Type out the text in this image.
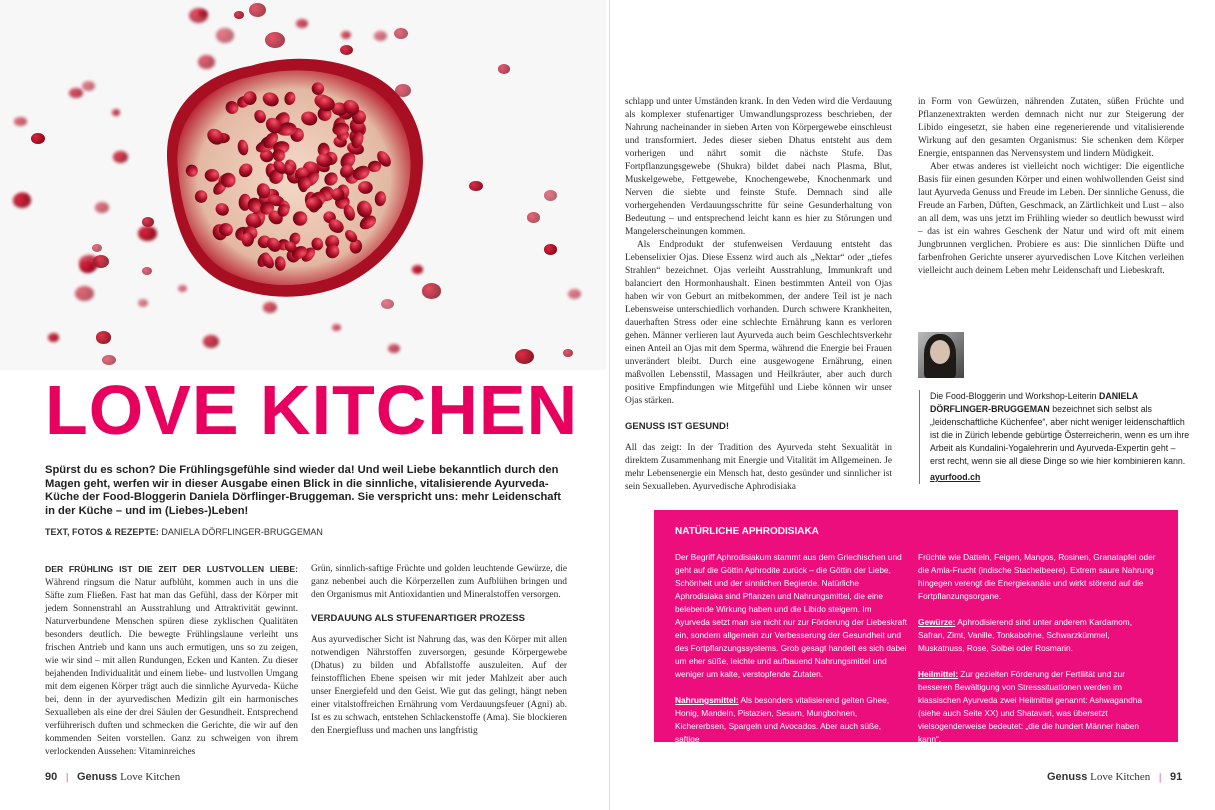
LOVE KITCHEN
Spürst du es schon? Die Frühlingsgefühle sind wieder da! Und weil Liebe bekanntlich durch den Magen geht, werfen wir in dieser Ausgabe einen Blick in die sinnliche, vitalisierende Ayurveda- Küche der Food-Bloggerin Daniela Dörflinger-Bruggeman. Sie verspricht uns: mehr Leidenschaft in der Küche – und im (Liebes-)Leben!
TEXT, FOTOS & REZEPTE: DANIELA DÖRFLINGER-BRUGGEMAN

DER FRÜHLING IST DIE ZEIT DER LUSTVOLLEN LIEBE: Während ringsum die Natur aufblüht, kommen auch in uns die Säfte zum Fließen. Fast hat man das Gefühl, dass der Körper mit jedem Sonnenstrahl an Ausstrahlung und Attraktivität gewinnt. Naturverbundene Menschen spüren diese zyklischen Qualitäten besonders deutlich. Die bewegte Frühlingslaune verleiht uns frischen Antrieb und kann uns auch ermutigen, uns so zu zeigen, wie wir sind – mit allen Rundungen, Ecken und Kanten. Zu dieser bejahenden Individualität und einem liebe- und lustvollen Umgang mit dem eigenen Körper trägt auch die sinnliche Ayurveda- Küche bei, denn in der ayurvedischen Medizin gilt ein harmonisches Sexualleben als eine der drei Säulen der Gesundheit. Entsprechend verführerisch duften und schmecken die Gerichte, die wir auf den kommenden Seiten vorstellen. Ganz zu schweigen von ihrem verlockenden Aussehen: Vitaminreiches

Grün, sinnlich-saftige Früchte und golden leuchtende Gewürze, die ganz nebenbei auch die Körperzellen zum Aufblühen bringen und den Organismus mit Antioxidantien und Mineralstoffen versorgen.

VERDAUUNG ALS STUFENARTIGER PROZESS

Aus ayurvedischer Sicht ist Nahrung das, was den Körper mit allen notwendigen Nährstoffen zuversorgen, gesunde Körpergewebe (Dhatus) zu bilden und Abfallstoffe auszuleiten. Auf der feinstofflichen Ebene speisen wir mit jeder Mahlzeit aber auch unser Energiefeld und den Geist. Wie gut das gelingt, hängt neben einer vitalstoffreichen Ernährung vom Verdauungsfeuer (Agni) ab. Ist es zu schwach, entstehen Schlackenstoffe (Ama). Sie blockieren den Energiefluss und machen uns langfristig

90 | Genuss Love Kitchen

schlapp und unter Umständen krank. In den Veden wird die Verdauung als komplexer stufenartiger Umwandlungsprozess beschrieben, der Nahrung nacheinander in sieben Arten von Körpergewebe einschleust und transformiert. Jedes dieser sieben Dhatus entsteht aus dem vorherigen und nährt somit die nächste Stufe. Das Fortpflanzungsgewebe (Shukra) bildet dabei nach Plasma, Blut, Muskelgewebe, Fettgewebe, Knochengewebe, Knochenmark und Nerven die siebte und feinste Stufe. Demnach sind alle vorhergehenden Verdauungsschritte für seine Gesunderhaltung von Bedeutung – und entsprechend leicht kann es hier zu Störungen und Mangelerscheinungen kommen.

Als Endprodukt der stufenweisen Verdauung entsteht das Lebenselixier Ojas. Diese Essenz wird auch als „Nektar“ oder „tiefes Strahlen“ bezeichnet. Ojas verleiht Ausstrahlung, Immunkraft und balanciert den Hormonhaushalt. Einen bestimmten Anteil von Ojas haben wir von Geburt an mitbekommen, der andere Teil ist je nach Lebensweise unterschiedlich vorhanden. Durch schwere Krankheiten, dauerhaften Stress oder eine schlechte Ernährung kann es verloren gehen. Männer verlieren laut Ayurveda auch beim Geschlechtsverkehr einen Anteil an Ojas mit dem Sperma, während die Energie bei Frauen unverändert bleibt. Durch eine ausgewogene Ernährung, einen maßvollen Lebensstil, Massagen und Heilkräuter, aber auch durch positive Empfindungen wie Mitgefühl und Liebe können wir unser Ojas stärken.

GENUSS IST GESUND!

All das zeigt: In der Tradition des Ayurveda steht Sexualität in direktem Zusammenhang mit Energie und Vitalität im Allgemeinen. Je mehr Lebensenergie ein Mensch hat, desto gesünder und sinnlicher ist sein Sexualleben. Ayurvedische Aphrodisiaka

in Form von Gewürzen, nährenden Zutaten, süßen Früchte und Pflanzenextrakten werden demnach nicht nur zur Steigerung der Libido eingesetzt, sie haben eine regenerierende und vitalisierende Wirkung auf den gesamten Organismus: Sie schenken dem Körper Energie, entspannen das Nervensystem und lindern Müdigkeit.

Aber etwas anderes ist vielleicht noch wichtiger: Die eigentliche Basis für einen gesunden Körper und einen wohlwollenden Geist sind laut Ayurveda Genuss und Freude im Leben. Der sinnliche Genuss, die Freude an Farben, Düften, Geschmack, an Zärtlichkeit und Lust – also an all dem, was uns jetzt im Frühling wieder so deutlich bewusst wird – das ist ein wahres Geschenk der Natur und wird oft mit einem Jungbrunnen verglichen. Probiere es aus: Die sinnlichen Düfte und farbenfrohen Gerichte unserer ayurvedischen Love Kitchen verleihen vielleicht auch deinem Leben mehr Leidenschaft und Liebeskraft.

Die Food-Bloggerin und Workshop-Leiterin DANIELA DÖRFLINGER-BRUGGEMAN bezeichnet sich selbst als „leidenschaftliche Küchenfee“, aber nicht weniger leidenschaftlich ist die in Zürich lebende gebürtige Österreicherin, wenn es um ihre Arbeit als Kundalini-Yogalehrerin und Ayurveda-Expertin geht – erst recht, wenn sie all diese Dinge so wie hier kombinieren kann.
ayurfood.ch
NATÜRLICHE APHRODISIAKA

Der Begriff Aphrodisiakum stammt aus dem Griechischen und geht auf die Göttin Aphrodite zurück – die Göttin der Liebe, Schönheit und der sinnlichen Begierde. Natürliche Aphrodisiaka sind Pflanzen und Nahrungsmittel, die eine belebende Wirkung haben und die Libido steigern. Im Ayurveda setzt man sie nicht nur zur Förderung der Liebeskraft ein, sondern allgemein zur Verbesserung der Gesundheit und des Fortpflanzungssystems. Grob gesagt handelt es sich dabei um eher süße, leichte und aufbauend Nahrungsmittel und weniger um kalte, verstopfende Zutaten.

Nahrungsmittel: Als besonders vitalisierend gelten Ghee, Honig, Mandeln, Pistazien, Sesam, Mungbohnen, Kichererbsen, Spargeln und Avocados. Aber auch süße, saftige

Früchte wie Datteln, Feigen, Mangos, Rosinen, Granatapfel oder die Amla-Frucht (indische Stachelbeere). Extrem saure Nahrung hingegen verengt die Energiekanäle und wirkt störend auf die Fortpflanzungsorgane.

Gewürze: Aphrodisierend sind unter anderem Kardamom, Safran, Zimt, Vanille, Tonkabohne, Schwarzkümmel, Muskatnuss, Rose, Solbei oder Rosmarin.

Heilmittel: Zur gezielten Förderung der Fertilität und zur besseren Bewältigung von Stresssituationen werden im klassischen Ayurveda zwei Heilmittel genannt: Ashwagandha (siehe auch Seite XX) und Shatavari, was übersetzt vielsogenderweise bedeutet: „die die hundert Männer haben kann“.

Genuss Love Kitchen | 91
